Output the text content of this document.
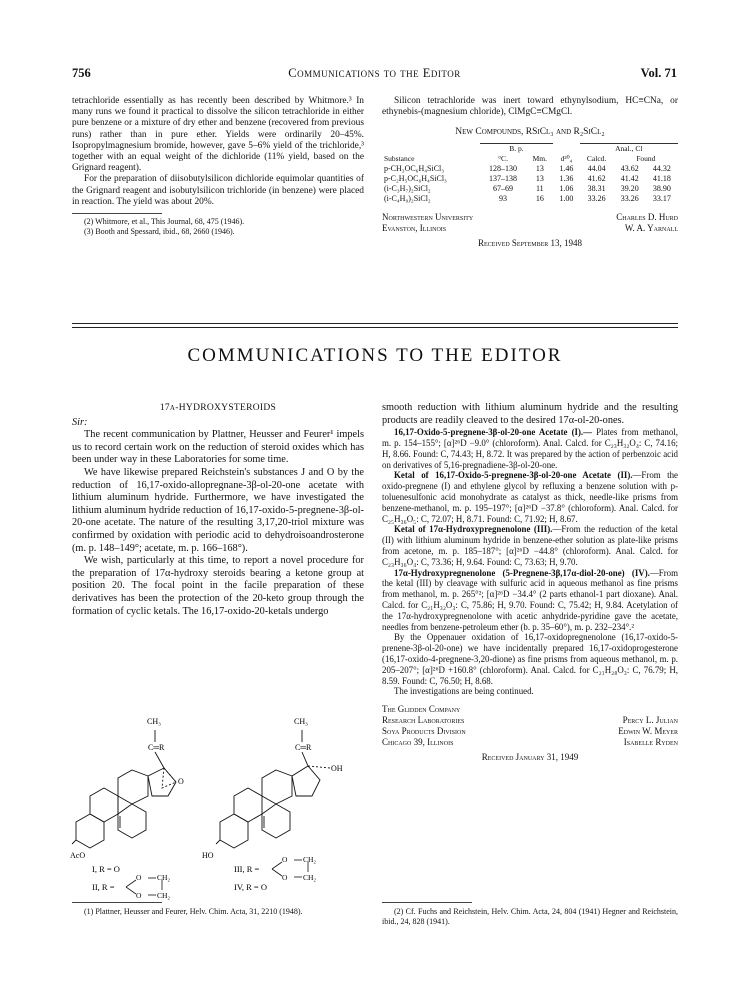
756	Communications to the Editor	Vol. 71

tetrachloride essentially as has recently been described by Whitmore.³ In many runs we found it practical to dissolve the silicon tetrachloride in either pure benzene or a mixture of dry ether and benzene (recovered from previous runs) rather than in pure ether. Yields were ordinarily 20–45%. Isopropylmagnesium bromide, however, gave 5–6% yield of the trichloride,³ together with an equal weight of the dichloride (11% yield, based on the Grignard reagent).

For the preparation of diisobutylsilicon dichloride equimolar quantities of the Grignard reagent and isobutylsilicon trichloride (in benzene) were placed in reaction. The yield was about 20%.

(2) Whitmore, et al., This Journal, 68, 475 (1946).

(3) Booth and Spessard, ibid., 68, 2660 (1946).

Silicon tetrachloride was inert toward ethynylsodium, HC≡CNa, or ethynebis-(magnesium chloride), ClMgC≡CMgCl.

New Compounds, RSiCl₃ and R₂SiCl₂
	B. p.			Anal., Cl		
Substance	°C.	Mm.	d²⁰₄	Calcd.	Found	
p-CH₃OC₆H₄SiCl₃	128–130	13	1.46	44.04	43.62	44.32
p-C₂H₅OC₆H₄SiCl₃	137–138	13	1.36	41.62	41.42	41.18
(i-C₃H₇)₂SiCl₂	67–69	11	1.06	38.31	39.20	38.90
(i-C₄H₉)₂SiCl₂	93	16	1.00	33.26	33.26	33.17
Northwestern University
Evanston, Illinois
Charles D. Hurd
W. A. Yarnall
Received September 13, 1948
COMMUNICATIONS TO THE EDITOR
17α-HYDROXYSTEROIDS

Sir:

The recent communication by Plattner, Heusser and Feurer¹ impels us to record certain work on the reduction of steroid oxides which has been under way in these Laboratories for some time.

We have likewise prepared Reichstein's substances J and O by the reduction of 16,17-oxido-allopregnane-3β-ol-20-one acetate with lithium aluminum hydride. Furthermore, we have investigated the lithium aluminum hydride reduction of 16,17-oxido-5-pregnene-3β-ol-20-one acetate. The nature of the resulting 3,17,20-triol mixture was confirmed by oxidation with periodic acid to dehydroisoandrosterone (m. p. 148–149°; acetate, m. p. 166–168°).

We wish, particularly at this time, to report a novel procedure for the preparation of 17α-hydroxy steroids bearing a ketone group at position 20. The focal point in the facile preparation of these derivatives has been the protection of the 20-keto group through the formation of cyclic ketals. The 16,17-oxido-20-ketals undergo

CH₃
C═R
O
AcO
CH₃
C═R
OH
HO
I, R = O
II, R =
O
O
CH₂
CH₂
III, R =
IV, R = O
O
O
CH₂
CH₂

smooth reduction with lithium aluminum hydride and the resulting products are readily cleaved to the desired 17α-ol-20-ones.

16,17-Oxido-5-pregnene-3β-ol-20-one Acetate (I).— Plates from methanol, m. p. 154–155°; [α]²⁶D −9.0° (chloroform). Anal. Calcd. for C₂₃H₃₂O₄: C, 74.16; H, 8.66. Found: C, 74.43; H, 8.72. It was prepared by the action of perbenzoic acid on derivatives of 5,16-pregnadiene-3β-ol-20-one.

Ketal of 16,17-Oxido-5-pregnene-3β-ol-20-one Acetate (II).—From the oxido-pregnene (I) and ethylene glycol by refluxing a benzene solution with p-toluenesulfonic acid monohydrate as catalyst as thick, needle-like prisms from benzene-methanol, m. p. 195–197°; [α]²⁶D −37.8° (chloroform). Anal. Calcd. for C₂₅H₃₆O₅: C, 72.07; H, 8.71. Found: C, 71.92; H, 8.67.

Ketal of 17α-Hydroxypregnenolone (III).—From the reduction of the ketal (II) with lithium aluminum hydride in benzene-ether solution as plate-like prisms from acetone, m. p. 185–187°; [α]²⁶D −44.8° (chloroform). Anal. Calcd. for C₂₃H₃₆O₄: C, 73.36; H, 9.64. Found: C, 73.63; H, 9.70.

17α-Hydroxypregnenolone (5-Pregnene-3β,17α-diol-20-one) (IV).—From the ketal (III) by cleavage with sulfuric acid in aqueous methanol as fine prisms from methanol, m. p. 265°²; [α]²⁶D −34.4° (2 parts ethanol-1 part dioxane). Anal. Calcd. for C₂₁H₃₂O₃: C, 75.86; H, 9.70. Found: C, 75.42; H, 9.84. Acetylation of the 17α-hydroxypregnenolone with acetic anhydride-pyridine gave the acetate, needles from benzene-petroleum ether (b. p. 35–60°), m. p. 232–234°.²

By the Oppenauer oxidation of 16,17-oxidopregnenolone (16,17-oxido-5-prenene-3β-ol-20-one) we have incidentally prepared 16,17-oxidoprogesterone (16,17-oxido-4-pregnene-3,20-dione) as fine prisms from aqueous methanol, m. p. 205–207°; [α]²⁶D +160.8° (chloroform). Anal. Calcd. for C₂₁H₂₈O₃: C, 76.79; H, 8.59. Found: C, 76.50; H, 8.68.

The investigations are being continued.

The Glidden Company
Research Laboratories
Soya Products Division
Chicago 39, Illinois
Percy L. Julian
Edwin W. Meyer
Isabelle Ryden
Received January 31, 1949

(1) Plattner, Heusser and Feurer, Helv. Chim. Acta, 31, 2210 (1948).	(2) Cf. Fuchs and Reichstein, Helv. Chim. Acta, 24, 804 (1941) Hegner and Reichstein, ibid., 24, 828 (1941).
